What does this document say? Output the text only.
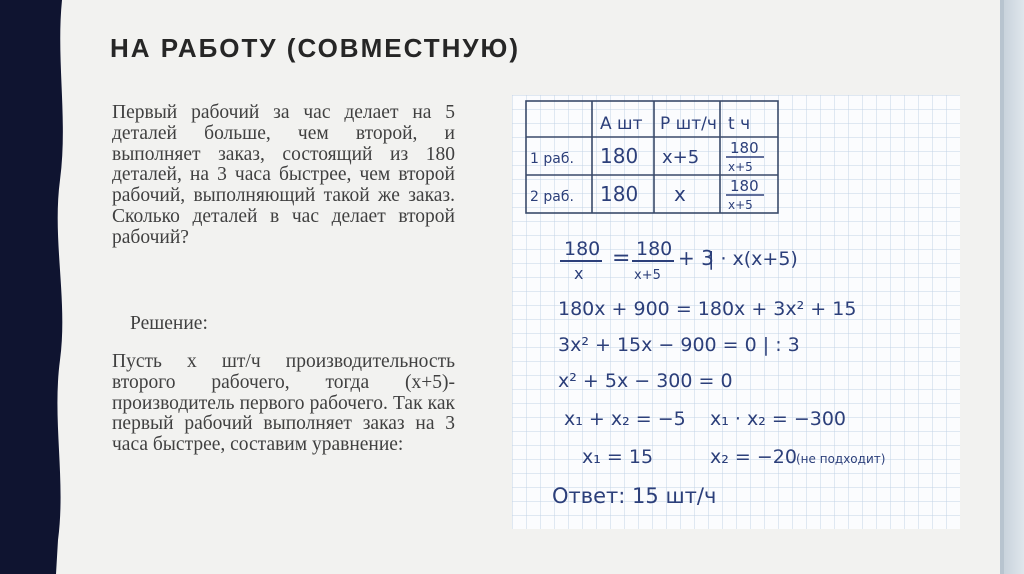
НА РАБОТУ (СОВМЕСТНУЮ)

Первый рабочий за час делает на 5 деталей больше, чем второй, и выполняет заказ, состоящий из 180 деталей, на 3 часа быстрее, чем второй рабочий, выполняющий такой же заказ. Сколько деталей в час делает второй рабочий?

Решение:

Пусть х шт/ч производительность второго рабочего, тогда (х+5)- производитель первого рабочего. Так как первый рабочий выполняет заказ на 3 часа быстрее, составим уравнение:

А шт Р шт/ч t ч
1 раб. 180 x+5 180
x+5
2 раб. 180 x	180
x+5
180
x
= 180
x+5
+ 3
| · x(x+5)
180x + 900 = 180x + 3x² + 15
3x² + 15x − 900 = 0 | : 3
x² + 5x − 300 = 0
x₁ + x₂ = −5 x₁ · x₂ = −300
x₁ = 15	x₂ = −20 (не подходит)
Ответ: 15 шт/ч
